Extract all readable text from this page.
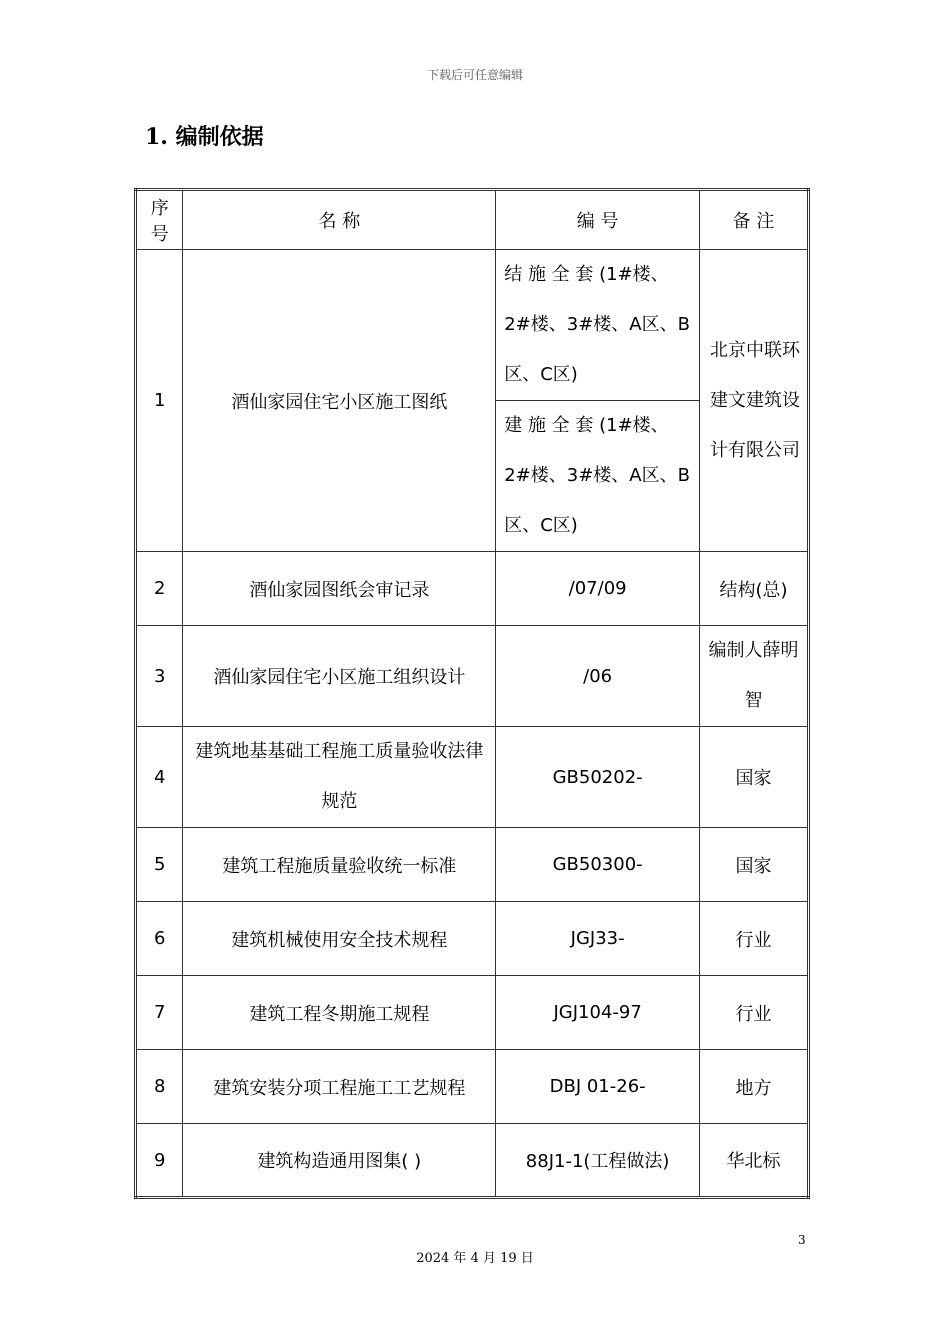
下载后可任意编辑
1. 编制依据
序号	名 称	编 号	备 注
1	酒仙家园住宅小区施工图纸	结 施 全 套 (1#楼、2#楼、3#楼、A区、B区、C区)	北京中联环建文建筑设计有限公司
		建 施 全 套 (1#楼、2#楼、3#楼、A区、B区、C区)	
2	酒仙家园图纸会审记录	/07/09	结构(总)
3	酒仙家园住宅小区施工组织设计	/06	编制人薛明智
4	建筑地基基础工程施工质量验收法律规范	GB50202-	国家
5	建筑工程施质量验收统一标准	GB50300-	国家
6	建筑机械使用安全技术规程	JGJ33-	行业
7	建筑工程冬期施工规程	JGJ104-97	行业
8	建筑安装分项工程施工工艺规程	DBJ 01-26-	地方
9	建筑构造通用图集( )	88J1-1(工程做法)	华北标
3
2024 年 4 月 19 日
